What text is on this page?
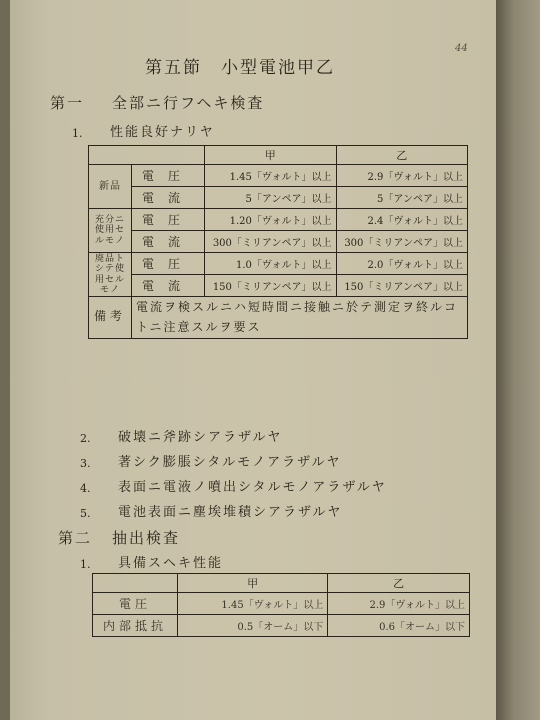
44
第五節　小型電池甲乙
第一 全部ニ行フヘキ検査
1. 性能良好ナリヤ
		甲	乙
新品	電圧	1.45「ヴォルト」以上	2.9「ヴォルト」以上
	電流	5「アンペア」以上	5「アンペア」以上
充分ニ使用セルモノ	電圧	1.20「ヴォルト」以上	2.4「ヴォルト」以上
	電流	300「ミリアンペア」以上	300「ミリアンペア」以上
廃品トシテ使用セルモノ	電圧	1.0「ヴォルト」以上	2.0「ヴォルト」以上
	電流	150「ミリアンペア」以上	150「ミリアンペア」以上
備考	電流ヲ検スルニハ短時間ニ接触ニ於テ測定ヲ終ルコトニ注意スルヲ要ス		
2. 破壊ニ斧跡シアラザルヤ
3. 著シク膨脹シタルモノアラザルヤ
4. 表面ニ電液ノ噴出シタルモノアラザルヤ
5. 電池表面ニ塵埃堆積シアラザルヤ
第二 抽出検査
1. 具備スヘキ性能
	甲	乙
電圧	1.45「ヴォルト」以上	2.9「ヴォルト」以上
内部抵抗	0.5「オーム」以下	0.6「オーム」以下
